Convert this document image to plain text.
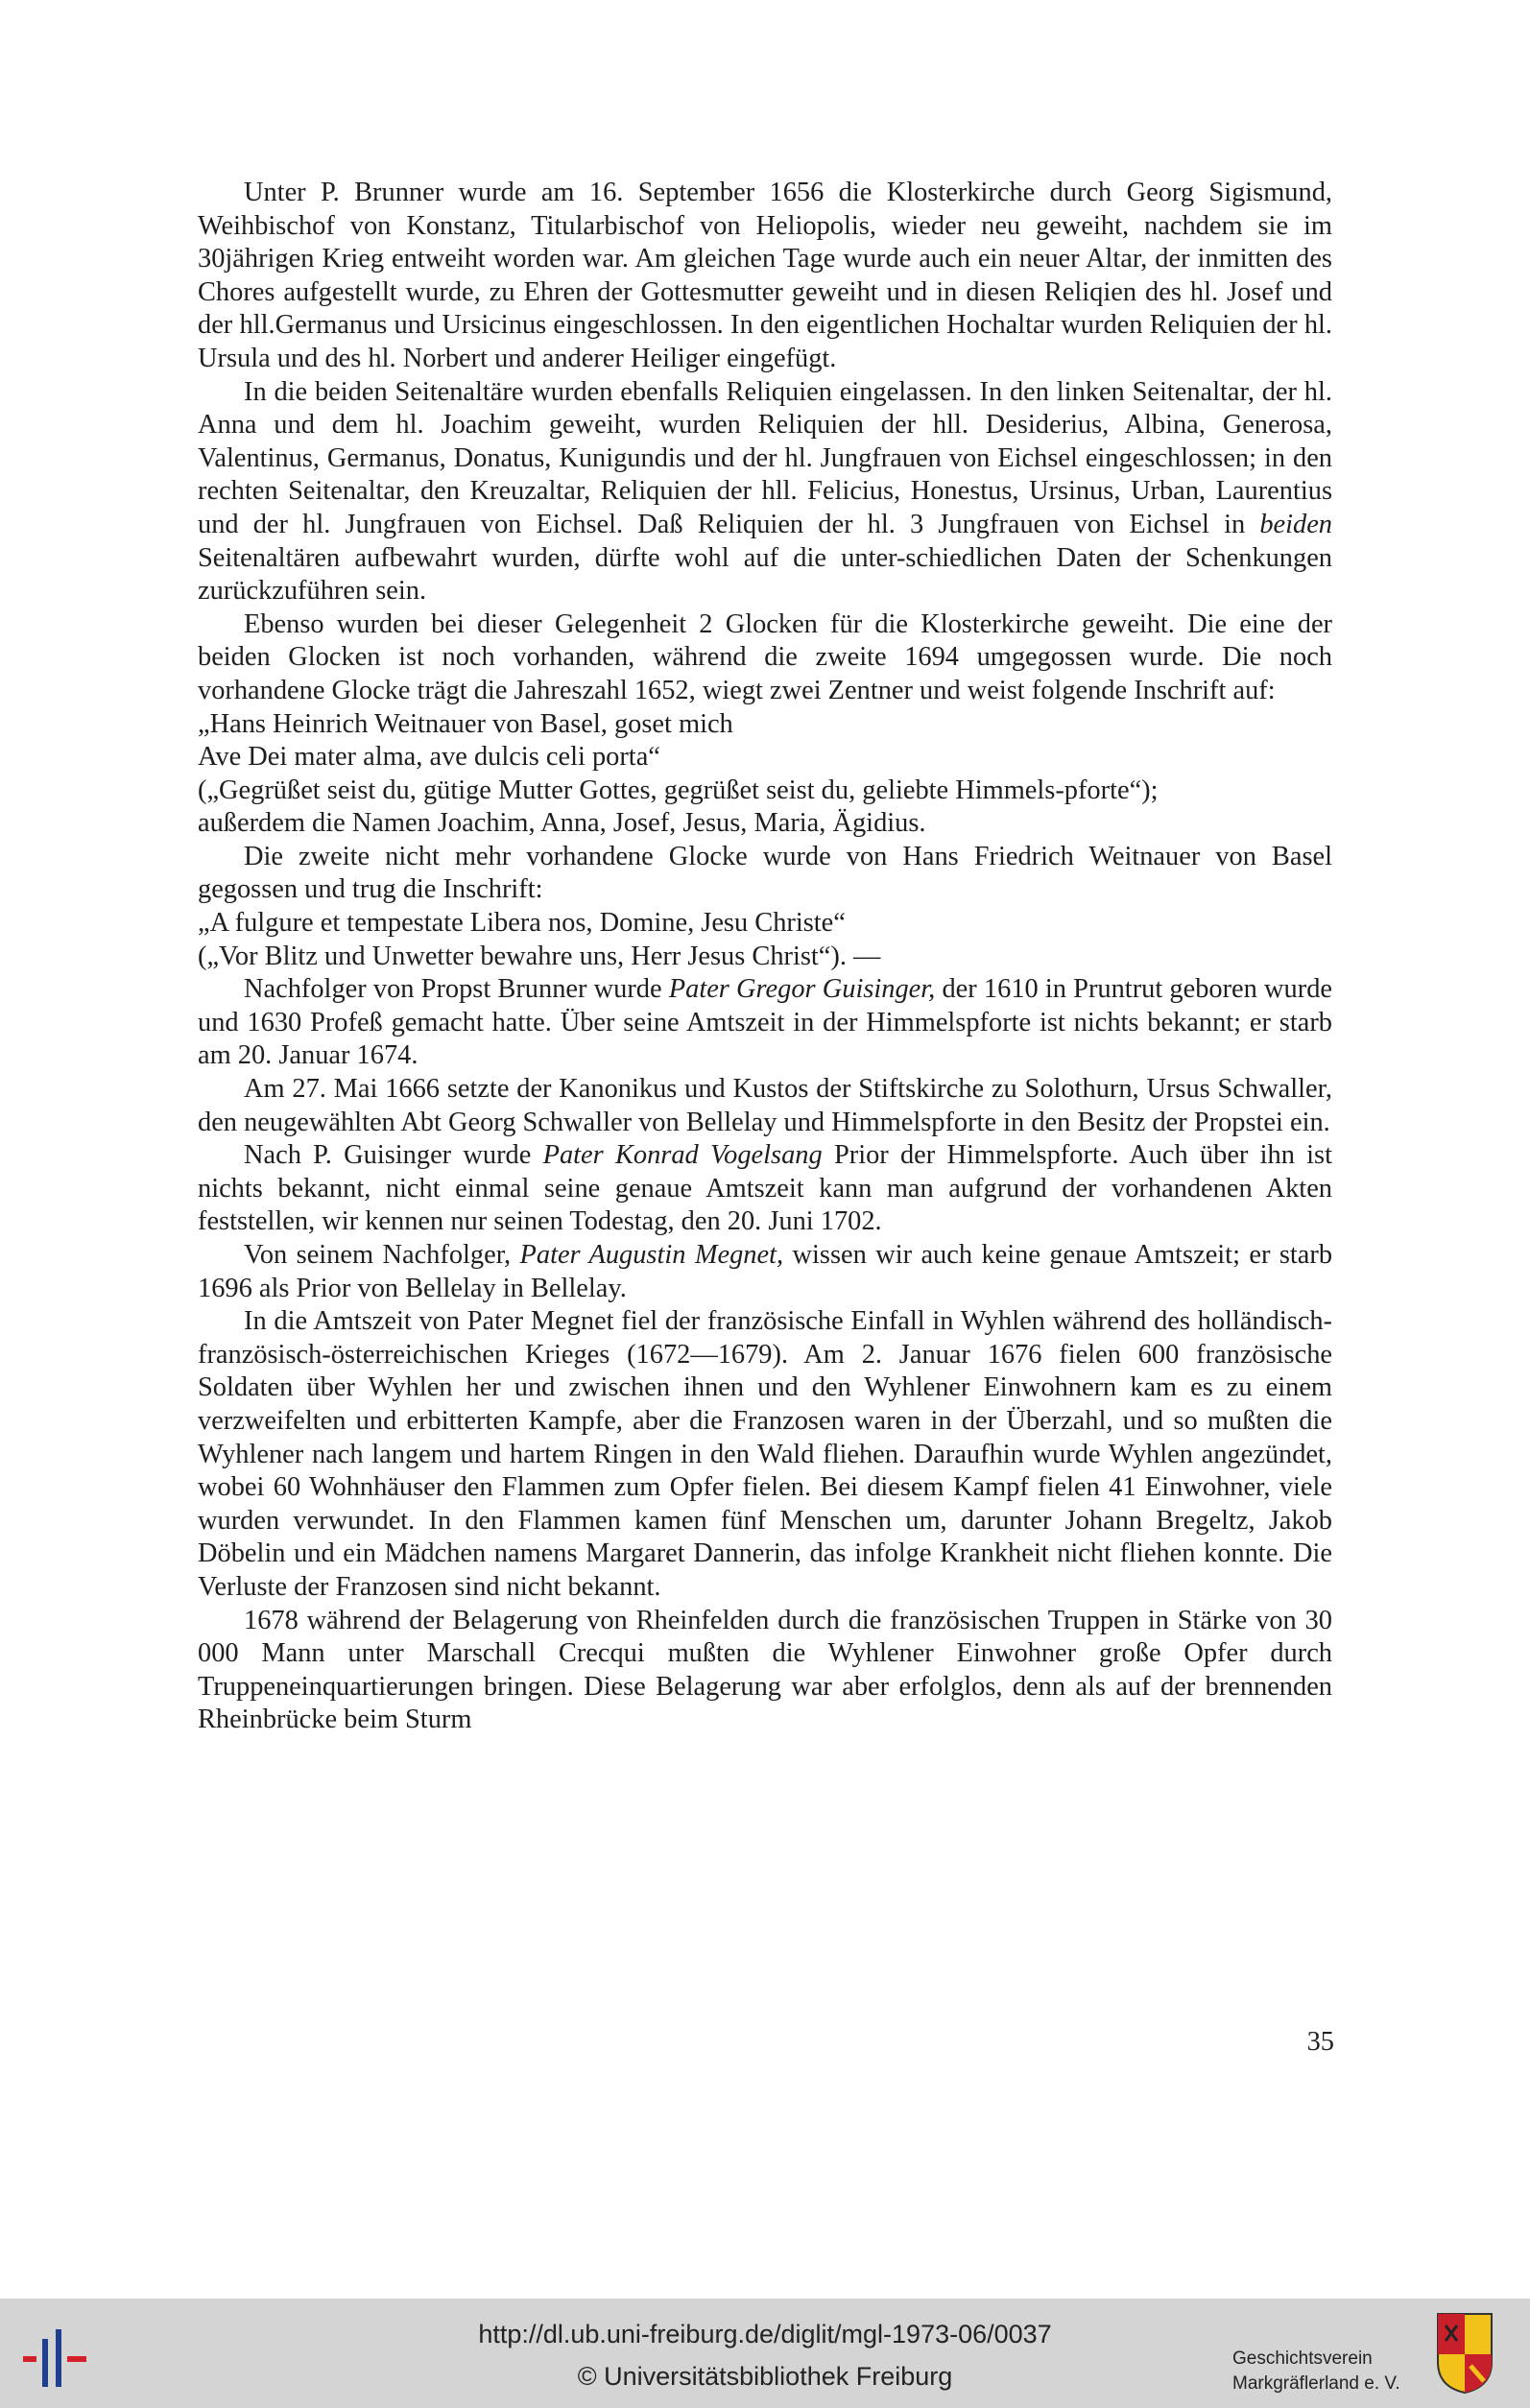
Unter P. Brunner wurde am 16. September 1656 die Klosterkirche durch Georg Sigismund, Weihbischof von Konstanz, Titularbischof von Heliopolis, wieder neu geweiht, nachdem sie im 30jährigen Krieg entweiht worden war. Am gleichen Tage wurde auch ein neuer Altar, der inmitten des Chores aufgestellt wurde, zu Ehren der Gottesmutter geweiht und in diesen Reliqien des hl. Josef und der hll.Germanus und Ursicinus eingeschlossen. In den eigentlichen Hochaltar wurden Reliquien der hl. Ursula und des hl. Norbert und anderer Heiliger eingefügt.

In die beiden Seitenaltäre wurden ebenfalls Reliquien eingelassen. In den linken Seitenaltar, der hl. Anna und dem hl. Joachim geweiht, wurden Reliquien der hll. Desiderius, Albina, Generosa, Valentinus, Germanus, Donatus, Kunigundis und der hl. Jungfrauen von Eichsel eingeschlossen; in den rechten Seitenaltar, den Kreuzaltar, Reliquien der hll. Felicius, Honestus, Ursinus, Urban, Laurentius und der hl. Jungfrauen von Eichsel. Daß Reliquien der hl. 3 Jungfrauen von Eichsel in beiden Seitenaltären aufbewahrt wurden, dürfte wohl auf die unter-schiedlichen Daten der Schenkungen zurückzuführen sein.

Ebenso wurden bei dieser Gelegenheit 2 Glocken für die Klosterkirche geweiht. Die eine der beiden Glocken ist noch vorhanden, während die zweite 1694 umgegossen wurde. Die noch vorhandene Glocke trägt die Jahreszahl 1652, wiegt zwei Zentner und weist folgende Inschrift auf:

„Hans Heinrich Weitnauer von Basel, goset mich

Ave Dei mater alma, ave dulcis celi porta“

(„Gegrüßet seist du, gütige Mutter Gottes, gegrüßet seist du, geliebte Himmels-pforte“);

außerdem die Namen Joachim, Anna, Josef, Jesus, Maria, Ägidius.

Die zweite nicht mehr vorhandene Glocke wurde von Hans Friedrich Weitnauer von Basel gegossen und trug die Inschrift:

„A fulgure et tempestate Libera nos, Domine, Jesu Christe“

(„Vor Blitz und Unwetter bewahre uns, Herr Jesus Christ“). —

Nachfolger von Propst Brunner wurde Pater Gregor Guisinger, der 1610 in Pruntrut geboren wurde und 1630 Profeß gemacht hatte. Über seine Amtszeit in der Himmelspforte ist nichts bekannt; er starb am 20. Januar 1674.

Am 27. Mai 1666 setzte der Kanonikus und Kustos der Stiftskirche zu Solothurn, Ursus Schwaller, den neugewählten Abt Georg Schwaller von Bellelay und Himmelspforte in den Besitz der Propstei ein.

Nach P. Guisinger wurde Pater Konrad Vogelsang Prior der Himmelspforte. Auch über ihn ist nichts bekannt, nicht einmal seine genaue Amtszeit kann man aufgrund der vorhandenen Akten feststellen, wir kennen nur seinen Todestag, den 20. Juni 1702.

Von seinem Nachfolger, Pater Augustin Megnet, wissen wir auch keine genaue Amtszeit; er starb 1696 als Prior von Bellelay in Bellelay.

In die Amtszeit von Pater Megnet fiel der französische Einfall in Wyhlen während des holländisch-französisch-österreichischen Krieges (1672—1679). Am 2. Januar 1676 fielen 600 französische Soldaten über Wyhlen her und zwischen ihnen und den Wyhlener Einwohnern kam es zu einem verzweifelten und erbitterten Kampfe, aber die Franzosen waren in der Überzahl, und so mußten die Wyhlener nach langem und hartem Ringen in den Wald fliehen. Daraufhin wurde Wyhlen angezündet, wobei 60 Wohnhäuser den Flammen zum Opfer fielen. Bei diesem Kampf fielen 41 Einwohner, viele wurden verwundet. In den Flammen kamen fünf Menschen um, darunter Johann Bregeltz, Jakob Döbelin und ein Mädchen namens Margaret Dannerin, das infolge Krankheit nicht fliehen konnte. Die Verluste der Franzosen sind nicht bekannt.

1678 während der Belagerung von Rheinfelden durch die französischen Truppen in Stärke von 30 000 Mann unter Marschall Crecqui mußten die Wyhlener Einwohner große Opfer durch Truppeneinquartierungen bringen. Diese Belagerung war aber erfolglos, denn als auf der brennenden Rheinbrücke beim Sturm

35
http://dl.ub.uni-freiburg.de/diglit/mgl-1973-06/0037
© Universitätsbibliothek Freiburg
Geschichtsverein
Markgräflerland e. V.
